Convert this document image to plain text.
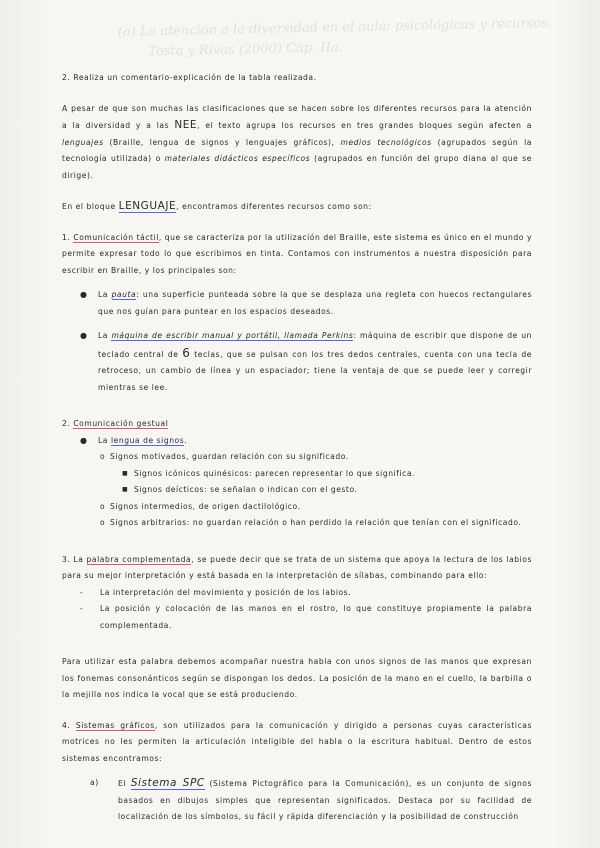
(a) La atención a la diversidad en el aula: psicológicas y recursos.
Tosta y Rivas (2000) Cap. IIa.

2. Realiza un comentario-explicación de la tabla realizada.

A pesar de que son muchas las clasificaciones que se hacen sobre los diferentes recursos para la atención a la diversidad y a las NEE, el texto agrupa los recursos en tres grandes bloques según afecten a lenguajes (Braille, lengua de signos y lenguajes gráficos), medios tecnológicos (agrupados según la tecnología utilizada) o materiales didácticos específicos (agrupados en función del grupo diana al que se dirige).

En el bloque LENGUAJE, encontramos diferentes recursos como son:

1. Comunicación táctil, que se caracteriza por la utilización del Braille, este sistema es único en el mundo y permite expresar todo lo que escribimos en tinta. Contamos con instrumentos a nuestra disposición para escribir en Braille, y los principales son:

● La pauta: una superficie punteada sobre la que se desplaza una regleta con huecos rectangulares que nos guían para puntear en los espacios deseados.

● La máquina de escribir manual y portátil, llamada Perkins: máquina de escribir que dispone de un teclado central de 6 teclas, que se pulsan con los tres dedos centrales, cuenta con una tecla de retroceso, un cambio de línea y un espaciador; tiene la ventaja de que se puede leer y corregir mientras se lee.

2. Comunicación gestual

● La lengua de signos.

o Signos motivados, guardan relación con su significado.

■ Signos icónicos quinésicos: parecen representar lo que significa.

■ Signos deícticos: se señalan o indican con el gesto.

o Signos intermedios, de origen dactilológico.

o Signos arbitrarios: no guardan relación o han perdido la relación que tenían con el significado.

3. La palabra complementada, se puede decir que se trata de un sistema que apoya la lectura de los labios para su mejor interpretación y está basada en la interpretación de sílabas, combinando para ello:

- La interpretación del movimiento y posición de los labios.

- La posición y colocación de las manos en el rostro, lo que constituye propiamente la palabra complementada.

Para utilizar esta palabra debemos acompañar nuestra habla con unos signos de las manos que expresan los fonemas consonánticos según se dispongan los dedos. La posición de la mano en el cuello, la barbilla o la mejilla nos indica la vocal que se está produciendo.

4. Sistemas gráficos, son utilizados para la comunicación y dirigido a personas cuyas características motrices no les permiten la articulación inteligible del habla o la escritura habitual. Dentro de estos sistemas encontramos:

a)	El Sistema SPC (Sistema Pictográfico para la Comunicación), es un conjunto de signos basados en dibujos simples que representan significados. Destaca por su facilidad de localización de los símbolos, su fácil y rápida diferenciación y la posibilidad de construcción
